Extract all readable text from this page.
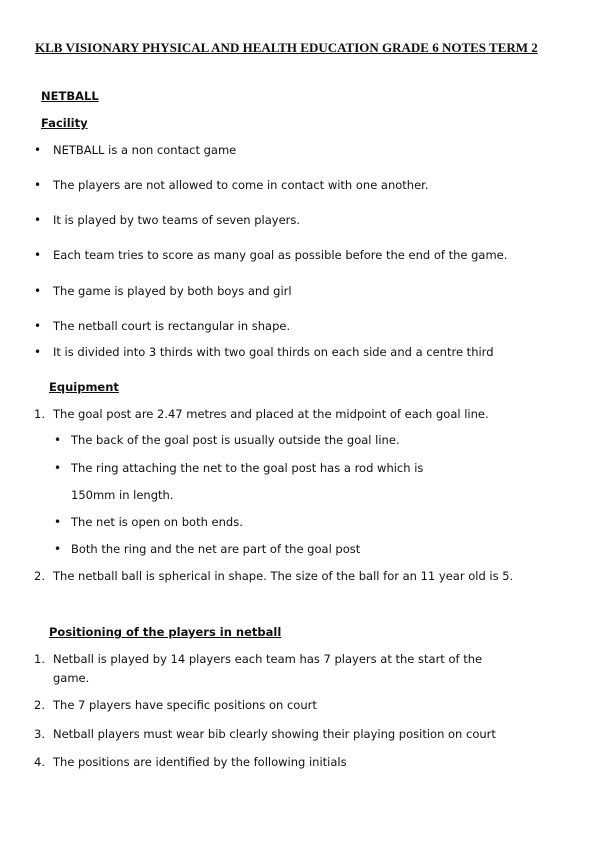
KLB VISIONARY PHYSICAL AND HEALTH EDUCATION GRADE 6 NOTES TERM 2

NETBALL

Facility

• NETBALL is a non contact game

• The players are not allowed to come in contact with one another.

• It is played by two teams of seven players.

• Each team tries to score as many goal as possible before the end of the game.

• The game is played by both boys and girl

• The netball court is rectangular in shape.

• It is divided into 3 thirds with two goal thirds on each side and a centre third

Equipment

1. The goal post are 2.47 metres and placed at the midpoint of each goal line.

• The back of the goal post is usually outside the goal line.

• The ring attaching the net to the goal post has a rod which is

150mm in length.

• The net is open on both ends.

• Both the ring and the net are part of the goal post

2. The netball ball is spherical in shape. The size of the ball for an 11 year old is 5.

Positioning of the players in netball

1. Netball is played by 14 players each team has 7 players at the start of the

game.

2. The 7 players have specific positions on court

3. Netball players must wear bib clearly showing their playing position on court

4. The positions are identified by the following initials
